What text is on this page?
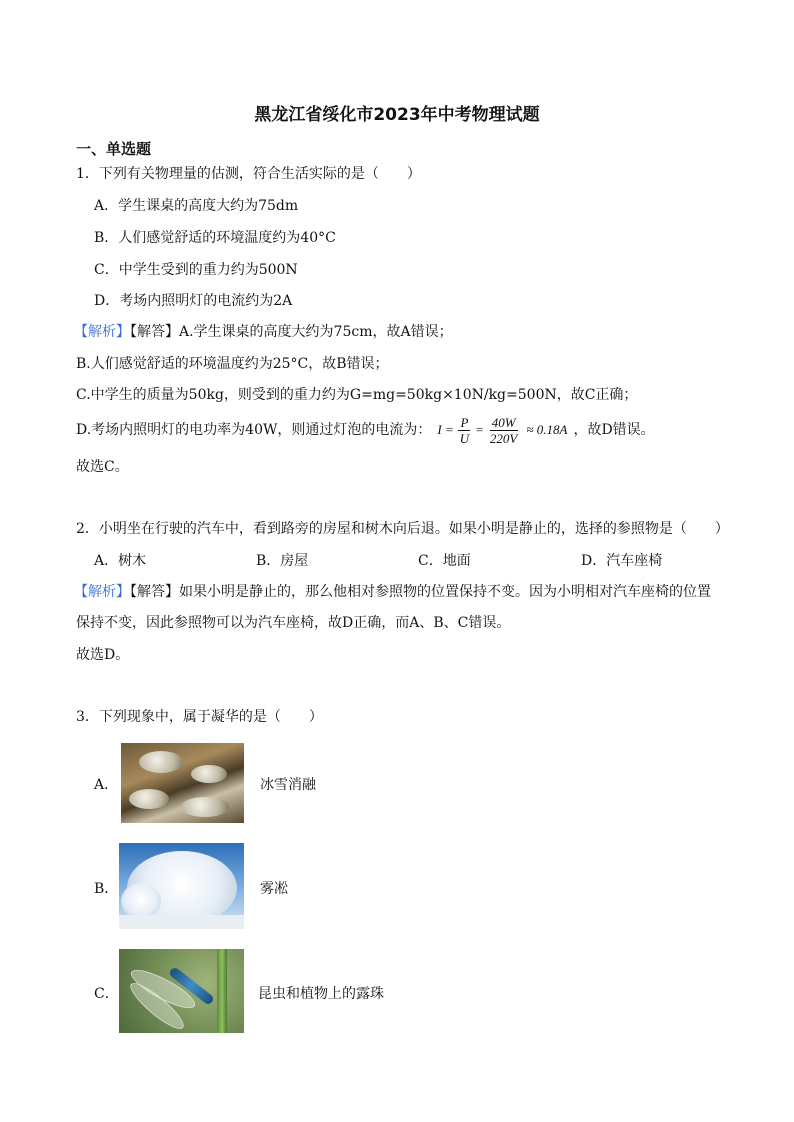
黑龙江省绥化市2023年中考物理试题
一、单选题
1．下列有关物理量的估测，符合生活实际的是（　　）
A．学生课桌的高度大约为75dm
B．人们感觉舒适的环境温度约为40°C
C．中学生受到的重力约为500N
D．考场内照明灯的电流约为2A
【解析】【解答】A.学生课桌的高度大约为75cm，故A错误；
B.人们感觉舒适的环境温度约为25°C，故B错误；
C.中学生的质量为50kg，则受到的重力约为G=mg=50kg×10N/kg=500N，故C正确；
D.考场内照明灯的电功率为40W，则通过灯泡的电流为： $I = \frac{P}{U} = \frac{40W}{220V} \approx 0.18A$ ，故D错误。
故选C。
2．小明坐在行驶的汽车中，看到路旁的房屋和树木向后退。如果小明是静止的，选择的参照物是（　　）
A．树木	B．房屋	C．地面	D．汽车座椅
【解析】【解答】如果小明是静止的，那么他相对参照物的位置保持不变。因为小明相对汽车座椅的位置
保持不变，因此参照物可以为汽车座椅，故D正确，而A、B、C错误。
故选D。
3．下列现象中，属于凝华的是（　　）
A．	冰雪消融
B．	雾凇
C．	昆虫和植物上的露珠
